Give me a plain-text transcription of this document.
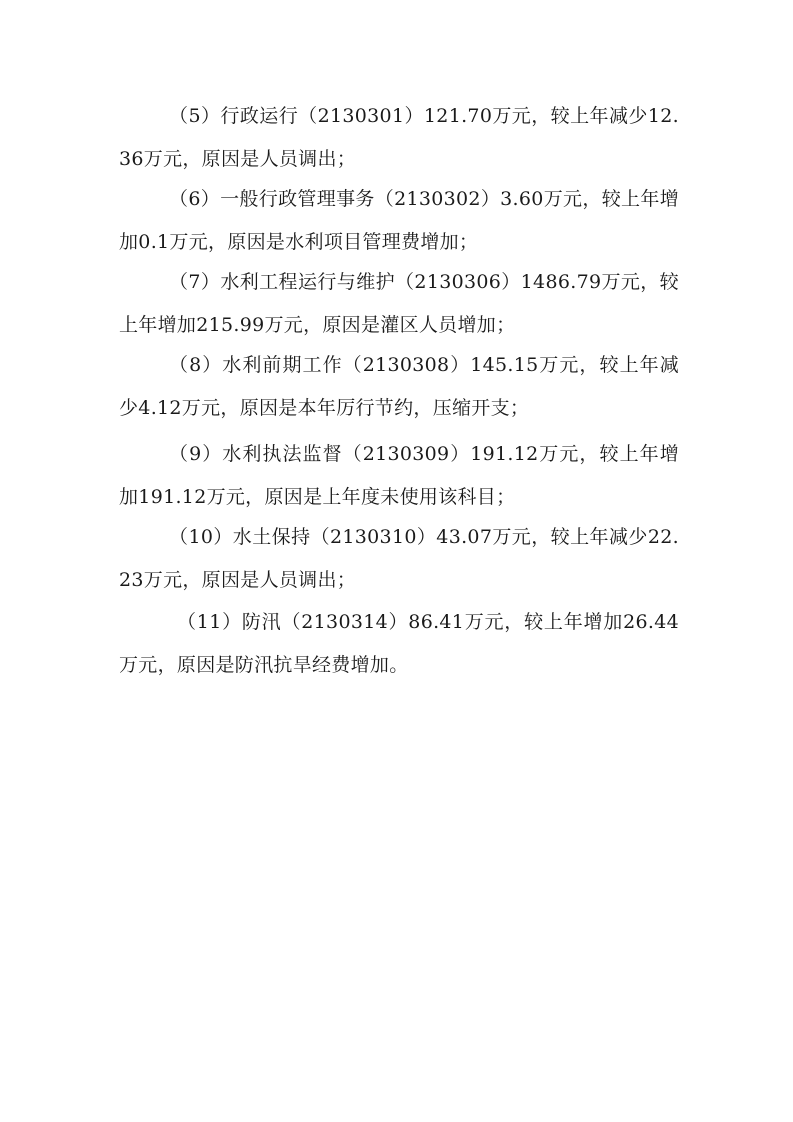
（5）行政运行（2130301）121.70万元，较上年减少12.36万元，原因是人员调出；

（6）一般行政管理事务（2130302）3.60万元，较上年增加0.1万元，原因是水利项目管理费增加；

（7）水利工程运行与维护（2130306）1486.79万元，较上年增加215.99万元，原因是灌区人员增加；

（8）水利前期工作（2130308）145.15万元，较上年减少4.12万元，原因是本年厉行节约，压缩开支；

（9）水利执法监督（2130309）191.12万元，较上年增加191.12万元，原因是上年度未使用该科目；

（10）水土保持（2130310）43.07万元，较上年减少22.23万元，原因是人员调出；

（11）防汛（2130314）86.41万元，较上年增加26.44万元，原因是防汛抗旱经费增加。
